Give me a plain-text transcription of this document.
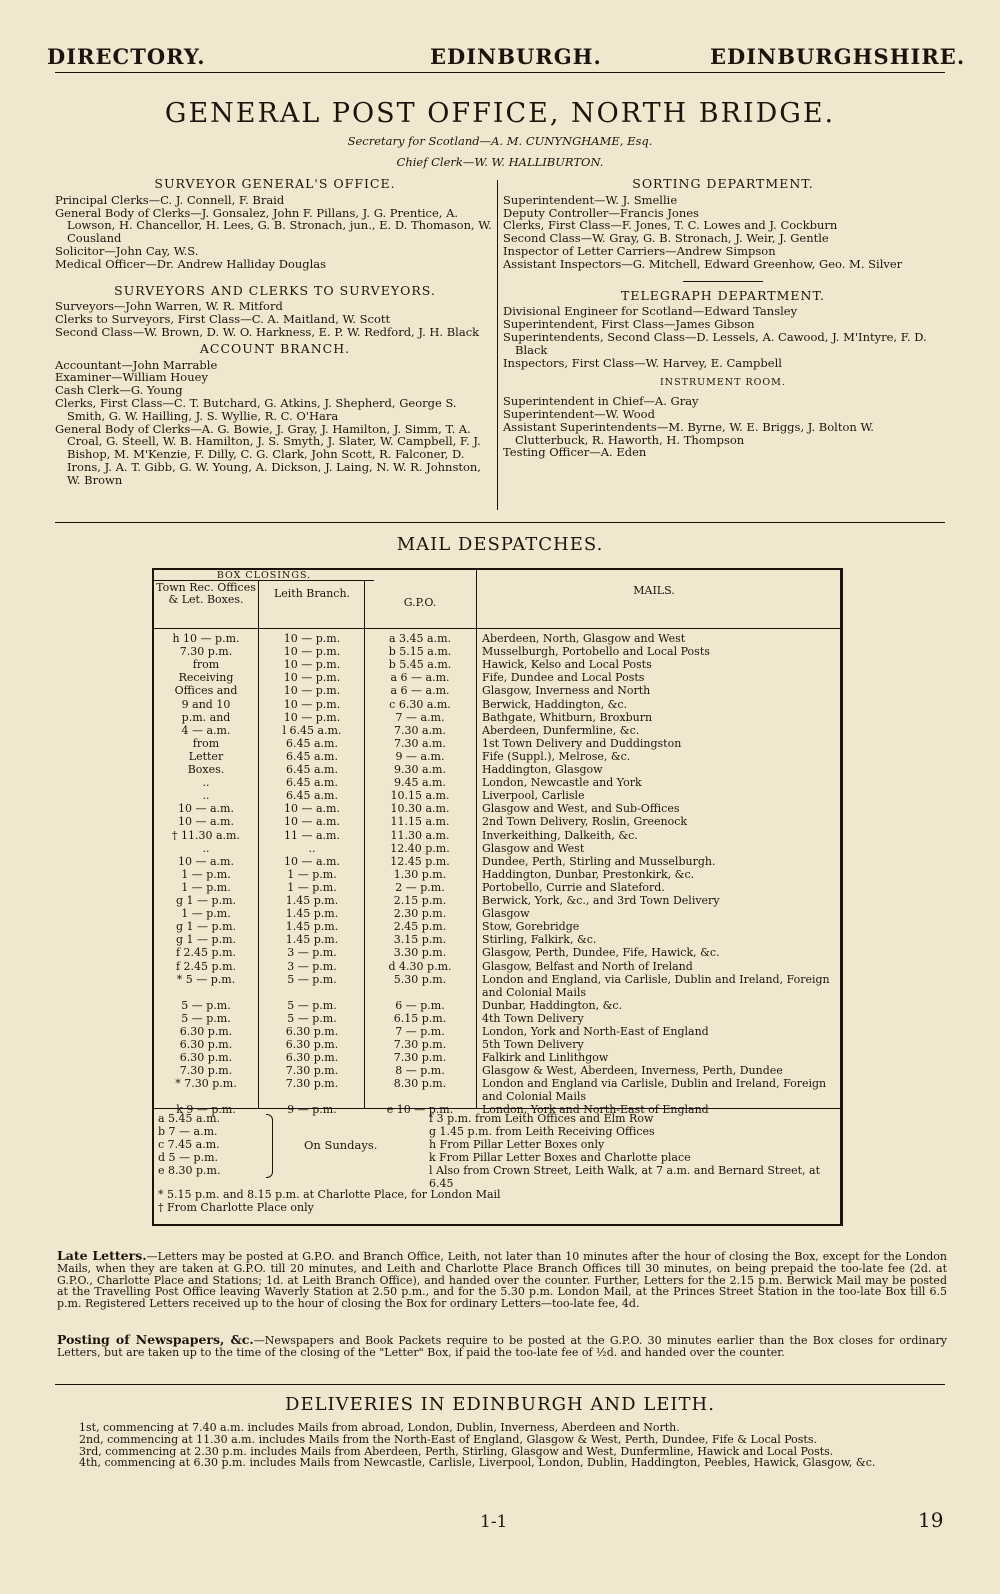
DIRECTORY.	EDINBURGH.	EDINBURGHSHIRE.
GENERAL POST OFFICE, NORTH BRIDGE.
Secretary for Scotland—A. M. CUNYNGHAME, Esq.
Chief Clerk—W. W. HALLIBURTON.

SURVEYOR GENERAL'S OFFICE.

Principal Clerks—C. J. Connell, F. Braid

General Body of Clerks—J. Gonsalez, John F. Pillans, J. G. Prentice, A. Lowson, H. Chancellor, H. Lees, G. B. Stronach, jun., E. D. Thomason, W. Cousland

Solicitor—John Cay, W.S.

Medical Officer—Dr. Andrew Halliday Douglas

SURVEYORS AND CLERKS TO SURVEYORS.

Surveyors—John Warren, W. R. Mitford

Clerks to Surveyors, First Class—C. A. Maitland, W. Scott

Second Class—W. Brown, D. W. O. Harkness, E. P. W. Redford, J. H. Black

ACCOUNT BRANCH.

Accountant—John Marrable

Examiner—William Houey

Cash Clerk—G. Young

Clerks, First Class—C. T. Butchard, G. Atkins, J. Shepherd, George S. Smith, G. W. Hailling, J. S. Wyllie, R. C. O'Hara

General Body of Clerks—A. G. Bowie, J. Gray, J. Hamilton, J. Simm, T. A. Croal, G. Steell, W. B. Hamilton, J. S. Smyth, J. Slater, W. Campbell, F. J. Bishop, M. M'Kenzie, F. Dilly, C. G. Clark, John Scott, R. Falconer, D. Irons, J. A. T. Gibb, G. W. Young, A. Dickson, J. Laing, N. W. R. Johnston, W. Brown

SORTING DEPARTMENT.

Superintendent—W. J. Smellie

Deputy Controller—Francis Jones

Clerks, First Class—F. Jones, T. C. Lowes and J. Cockburn

Second Class—W. Gray, G. B. Stronach, J. Weir, J. Gentle

Inspector of Letter Carriers—Andrew Simpson

Assistant Inspectors—G. Mitchell, Edward Greenhow, Geo. M. Silver

TELEGRAPH DEPARTMENT.

Divisional Engineer for Scotland—Edward Tansley

Superintendent, First Class—James Gibson

Superintendents, Second Class—D. Lessels, A. Cawood, J. M'Intyre, F. D. Black

Inspectors, First Class—W. Harvey, E. Campbell

INSTRUMENT ROOM.

Superintendent in Chief—A. Gray

Superintendent—W. Wood

Assistant Superintendents—M. Byrne, W. E. Briggs, J. Bolton W. Clutterbuck, R. Haworth, H. Thompson

Testing Officer—A. Eden

MAIL DESPATCHES.
BOX CLOSINGS.
Town Rec. Offices & Let. Boxes.	Leith Branch.
G.P.O.
MAILS.
h 10 — p.m.	10 — p.m.	a 3.45 a.m.	Aberdeen, North, Glasgow and West
7.30 p.m.	10 — p.m.	b 5.15 a.m.	Musselburgh, Portobello and Local Posts
from	10 — p.m.	b 5.45 a.m.	Hawick, Kelso and Local Posts
Receiving	10 — p.m.	a 6 — a.m.	Fife, Dundee and Local Posts
Offices and	10 — p.m.	a 6 — a.m.	Glasgow, Inverness and North
9 and 10	10 — p.m.	c 6.30 a.m.	Berwick, Haddington, &c.
p.m. and	10 — p.m.	7 — a.m.	Bathgate, Whitburn, Broxburn
4 — a.m.	l 6.45 a.m.	7.30 a.m.	Aberdeen, Dunfermline, &c.
from	6.45 a.m.	7.30 a.m.	1st Town Delivery and Duddingston
Letter	6.45 a.m.	9 — a.m.	Fife (Suppl.), Melrose, &c.
Boxes.	6.45 a.m.	9.30 a.m.	Haddington, Glasgow
..	6.45 a.m.	9.45 a.m.	London, Newcastle and York
..	6.45 a.m.	10.15 a.m.	Liverpool, Carlisle
10 — a.m.	10 — a.m.	10.30 a.m.	Glasgow and West, and Sub-Offices
10 — a.m.	10 — a.m.	11.15 a.m.	2nd Town Delivery, Roslin, Greenock
† 11.30 a.m.	11 — a.m.	11.30 a.m.	Inverkeithing, Dalkeith, &c.
..	..	12.40 p.m.	Glasgow and West
10 — a.m.	10 — a.m.	12.45 p.m.	Dundee, Perth, Stirling and Musselburgh.
1 — p.m.	1 — p.m.	1.30 p.m.	Haddington, Dunbar, Prestonkirk, &c.
1 — p.m.	1 — p.m.	2 — p.m.	Portobello, Currie and Slateford.
g 1 — p.m.	1.45 p.m.	2.15 p.m.	Berwick, York, &c., and 3rd Town Delivery
1 — p.m.	1.45 p.m.	2.30 p.m.	Glasgow
g 1 — p.m.	1.45 p.m.	2.45 p.m.	Stow, Gorebridge
g 1 — p.m.	1.45 p.m.	3.15 p.m.	Stirling, Falkirk, &c.
f 2.45 p.m.	3 — p.m.	3.30 p.m.	Glasgow, Perth, Dundee, Fife, Hawick, &c.
f 2.45 p.m.	3 — p.m.	d 4.30 p.m.	Glasgow, Belfast and North of Ireland
* 5 — p.m.	5 — p.m.	5.30 p.m.	London and England, via Carlisle, Dublin and Ireland, Foreign and Colonial Mails
5 — p.m.	5 — p.m.	6 — p.m.	Dunbar, Haddington, &c.
5 — p.m.	5 — p.m.	6.15 p.m.	4th Town Delivery
6.30 p.m.	6.30 p.m.	7 — p.m.	London, York and North-East of England
6.30 p.m.	6.30 p.m.	7.30 p.m.	5th Town Delivery
6.30 p.m.	6.30 p.m.	7.30 p.m.	Falkirk and Linlithgow
7.30 p.m.	7.30 p.m.	8 — p.m.	Glasgow & West, Aberdeen, Inverness, Perth, Dundee
* 7.30 p.m.	7.30 p.m.	8.30 p.m.	London and England via Carlisle, Dublin and Ireland, Foreign and Colonial Mails
k 9 — p.m.	9 — p.m.	e 10 — p.m.	London, York and North-East of England
a 5.45 a.m.
b 7 — a.m.
c 7.45 a.m.
d 5 — p.m.
e 8.30 p.m.
On Sundays.
f 3 p.m. from Leith Offices and Elm Row
g 1.45 p.m. from Leith Receiving Offices
h From Pillar Letter Boxes only
k From Pillar Letter Boxes and Charlotte place
l Also from Crown Street, Leith Walk, at 7 a.m. and Bernard Street, at 6.45
* 5.15 p.m. and 8.15 p.m. at Charlotte Place, for London Mail
† From Charlotte Place only
Late Letters.—Letters may be posted at G.P.O. and Branch Office, Leith, not later than 10 minutes after the hour of closing the Box, except for the London Mails, when they are taken at G.P.O. till 20 minutes, and Leith and Charlotte Place Branch Offices till 30 minutes, on being prepaid the too-late fee (2d. at G.P.O., Charlotte Place and Stations; 1d. at Leith Branch Office), and handed over the counter. Further, Letters for the 2.15 p.m. Berwick Mail may be posted at the Travelling Post Office leaving Waverly Station at 2.50 p.m., and for the 5.30 p.m. London Mail, at the Princes Street Station in the too-late Box till 6.5 p.m. Registered Letters received up to the hour of closing the Box for ordinary Letters—too-late fee, 4d.
Posting of Newspapers, &c.—Newspapers and Book Packets require to be posted at the G.P.O. 30 minutes earlier than the Box closes for ordinary Letters, but are taken up to the time of the closing of the "Letter" Box, if paid the too-late fee of ½d. and handed over the counter.
DELIVERIES IN EDINBURGH AND LEITH.
1st, commencing at 7.40 a.m. includes Mails from abroad, London, Dublin, Inverness, Aberdeen and North.
2nd, commencing at 11.30 a.m. includes Mails from the North-East of England, Glasgow & West, Perth, Dundee, Fife & Local Posts.
3rd, commencing at 2.30 p.m. includes Mails from Aberdeen, Perth, Stirling, Glasgow and West, Dunfermline, Hawick and Local Posts.
4th, commencing at 6.30 p.m. includes Mails from Newcastle, Carlisle, Liverpool, London, Dublin, Haddington, Peebles, Hawick, Glasgow, &c.
1-1	19
